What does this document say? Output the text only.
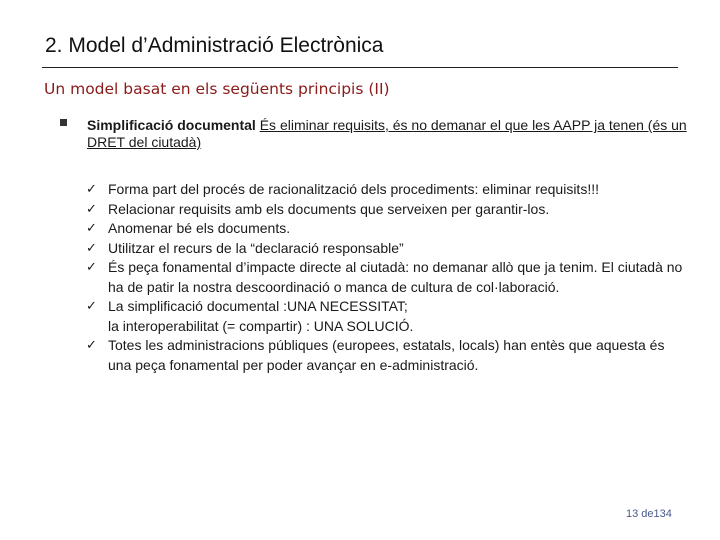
2. Model d’Administració Electrònica
Un model basat en els següents principis (II)
Simplificació documental És eliminar requisits, és no demanar el que les AAPP ja tenen (és un DRET del ciutadà)
✓ Forma part del procés de racionalització dels procediments: eliminar requisits!!!
✓ Relacionar requisits amb els documents que serveixen per garantir-los.
✓ Anomenar bé els documents.
✓ Utilitzar el recurs de la “declaració responsable”
✓ És peça fonamental d’impacte directe al ciutadà: no demanar allò que ja tenim. El ciutadà no ha de patir la nostra descoordinació o manca de cultura de col·laboració.
✓ La simplificació documental :UNA NECESSITAT;
la interoperabilitat (= compartir) : UNA SOLUCIÓ.
✓ Totes les administracions públiques (europees, estatals, locals) han entès que aquesta és una peça fonamental per poder avançar en e-administració.
13 de134
